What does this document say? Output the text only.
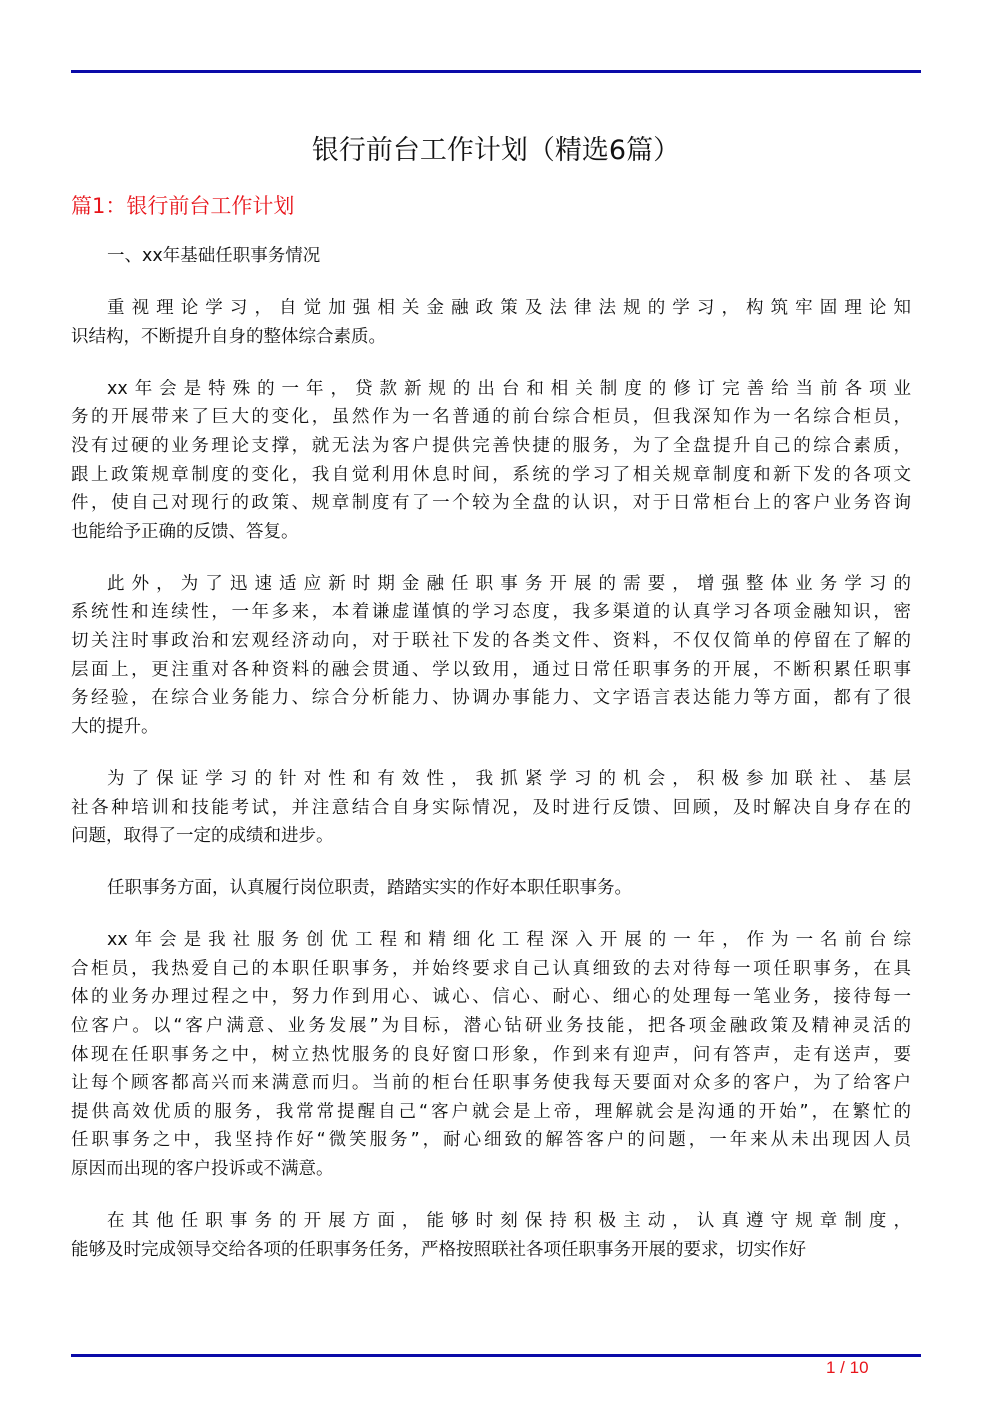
银行前台工作计划（精选6篇）
篇1：银行前台工作计划
一、xx年基础任职事务情况
重视理论学习，自觉加强相关金融政策及法律法规的学习，构筑牢固理论知
识结构，不断提升自身的整体综合素质。
xx年会是特殊的一年，贷款新规的出台和相关制度的修订完善给当前各项业
务的开展带来了巨大的变化，虽然作为一名普通的前台综合柜员，但我深知作为一名综合柜员，
没有过硬的业务理论支撑，就无法为客户提供完善快捷的服务，为了全盘提升自己的综合素质，
跟上政策规章制度的变化，我自觉利用休息时间，系统的学习了相关规章制度和新下发的各项文
件，使自己对现行的政策、规章制度有了一个较为全盘的认识，对于日常柜台上的客户业务咨询
也能给予正确的反馈、答复。
此外，为了迅速适应新时期金融任职事务开展的需要，增强整体业务学习的
系统性和连续性，一年多来，本着谦虚谨慎的学习态度，我多渠道的认真学习各项金融知识，密
切关注时事政治和宏观经济动向，对于联社下发的各类文件、资料，不仅仅简单的停留在了解的
层面上，更注重对各种资料的融会贯通、学以致用，通过日常任职事务的开展，不断积累任职事
务经验，在综合业务能力、综合分析能力、协调办事能力、文字语言表达能力等方面，都有了很
大的提升。
为了保证学习的针对性和有效性，我抓紧学习的机会，积极参加联社、基层
社各种培训和技能考试，并注意结合自身实际情况，及时进行反馈、回顾，及时解决自身存在的
问题，取得了一定的成绩和进步。
任职事务方面，认真履行岗位职责，踏踏实实的作好本职任职事务。
xx年会是我社服务创优工程和精细化工程深入开展的一年，作为一名前台综
合柜员，我热爱自己的本职任职事务，并始终要求自己认真细致的去对待每一项任职事务，在具
体的业务办理过程之中，努力作到用心、诚心、信心、耐心、细心的处理每一笔业务，接待每一
位客户。以“客户满意、业务发展”为目标，潜心钻研业务技能，把各项金融政策及精神灵活的
体现在任职事务之中，树立热忱服务的良好窗口形象，作到来有迎声，问有答声，走有送声，要
让每个顾客都高兴而来满意而归。当前的柜台任职事务使我每天要面对众多的客户，为了给客户
提供高效优质的服务，我常常提醒自己“客户就会是上帝，理解就会是沟通的开始”，在繁忙的
任职事务之中，我坚持作好“微笑服务”，耐心细致的解答客户的问题，一年来从未出现因人员
原因而出现的客户投诉或不满意。
在其他任职事务的开展方面，能够时刻保持积极主动，认真遵守规章制度，
能够及时完成领导交给各项的任职事务任务，严格按照联社各项任职事务开展的要求，切实作好
1 / 10
